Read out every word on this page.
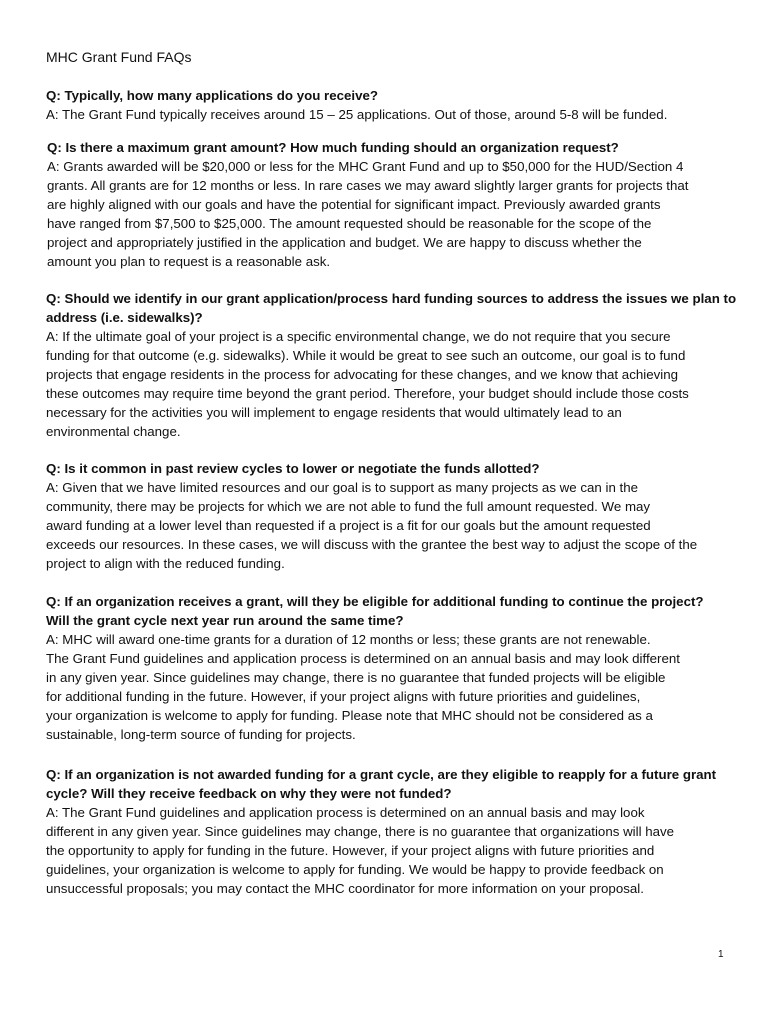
MHC Grant Fund FAQs
Q: Typically, how many applications do you receive?
A: The Grant Fund typically receives around 15 – 25 applications. Out of those, around 5-8 will be funded.
Q: Is there a maximum grant amount? How much funding should an organization request?
A: Grants awarded will be $20,000 or less for the MHC Grant Fund and up to $50,000 for the HUD/Section 4
grants. All grants are for 12 months or less. In rare cases we may award slightly larger grants for projects that
are highly aligned with our goals and have the potential for significant impact. Previously awarded grants
have ranged from $7,500 to $25,000. The amount requested should be reasonable for the scope of the
project and appropriately justified in the application and budget. We are happy to discuss whether the
amount you plan to request is a reasonable ask.
Q: Should we identify in our grant application/process hard funding sources to address the issues we plan to
address (i.e. sidewalks)?
A: If the ultimate goal of your project is a specific environmental change, we do not require that you secure
funding for that outcome (e.g. sidewalks). While it would be great to see such an outcome, our goal is to fund
projects that engage residents in the process for advocating for these changes, and we know that achieving
these outcomes may require time beyond the grant period. Therefore, your budget should include those costs
necessary for the activities you will implement to engage residents that would ultimately lead to an
environmental change.
Q: Is it common in past review cycles to lower or negotiate the funds allotted?
A: Given that we have limited resources and our goal is to support as many projects as we can in the
community, there may be projects for which we are not able to fund the full amount requested. We may
award funding at a lower level than requested if a project is a fit for our goals but the amount requested
exceeds our resources. In these cases, we will discuss with the grantee the best way to adjust the scope of the
project to align with the reduced funding.
Q: If an organization receives a grant, will they be eligible for additional funding to continue the project?
Will the grant cycle next year run around the same time?
A: MHC will award one-time grants for a duration of 12 months or less; these grants are not renewable.
The Grant Fund guidelines and application process is determined on an annual basis and may look different
in any given year. Since guidelines may change, there is no guarantee that funded projects will be eligible
for additional funding in the future. However, if your project aligns with future priorities and guidelines,
your organization is welcome to apply for funding. Please note that MHC should not be considered as a
sustainable, long-term source of funding for projects.
Q: If an organization is not awarded funding for a grant cycle, are they eligible to reapply for a future grant
cycle? Will they receive feedback on why they were not funded?
A: The Grant Fund guidelines and application process is determined on an annual basis and may look
different in any given year. Since guidelines may change, there is no guarantee that organizations will have
the opportunity to apply for funding in the future. However, if your project aligns with future priorities and
guidelines, your organization is welcome to apply for funding. We would be happy to provide feedback on
unsuccessful proposals; you may contact the MHC coordinator for more information on your proposal.
1
